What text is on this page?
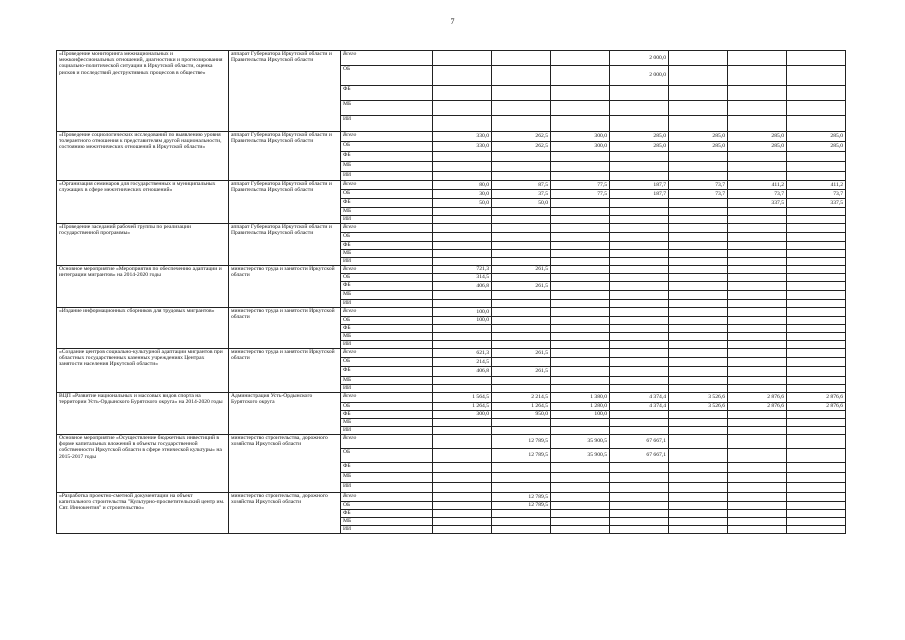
7
«Проведение мониторинга межнациональных и межконфессиональных отношений, диагностики и прогнозирования социально-политической ситуации в Иркутской области, оценка рисков и последствий деструктивных процессов в обществе»	аппарат Губернатора Иркутской области и Правительства Иркутской области	Всего				2 000,0			
		ОБ				2 000,0			
		ФБ							
		МБ							
		ИИ							
«Проведение социологических исследований по выявлению уровня толерантного отношения к представителям другой национальности, состоянию межэтнических отношений в Иркутской области»	аппарат Губернатора Иркутской области и Правительства Иркутской области	Всего	330,0	262,5	300,0	285,0	285,0	285,0	285,0
		ОБ	330,0	262,5	300,0	285,0	285,0	285,0	285,0
		ФБ							
		МБ							
		ИИ							
«Организация семинаров для государственных и муниципальных служащих в сфере межэтнических отношений»	аппарат Губернатора Иркутской области и Правительства Иркутской области	Всего	80,0	87,5	77,5	187,7	73,7	411,2	411,2
		ОБ	30,0	37,5	77,5	187,7	73,7	73,7	73,7
		ФБ	50,0	50,0				337,5	337,5
		МБ							
		ИИ							
«Проведение заседаний рабочей группы по реализации государственной программы»	аппарат Губернатора Иркутской области и Правительства Иркутской области	Всего							
		ОБ							
		ФБ							
		МБ							
		ИИ							
Основное мероприятие «Мероприятия по обеспечению адаптации и интеграции мигрантов» на 2014-2020 годы	министерство труда и занятости Иркутской области	Всего	721,3	261,5					
		ОБ	314,5						
		ФБ	406,8	261,5					
		МБ							
		ИИ							
«Издание информационных сборников для трудовых мигрантов»	министерство труда и занятости Иркутской области	Всего	100,0						
		ОБ	100,0						
		ФБ							
		МБ							
		ИИ							
«Создание центров социально-культурной адаптации мигрантов при областных государственных казенных учреждениях Центрах занятости населения Иркутской области»	министерство труда и занятости Иркутской области	Всего	621,3	261,5					
		ОБ	214,5						
		ФБ	406,8	261,5					
		МБ							
		ИИ							
ВЦП «Развитие национальных и массовых видов спорта на территории Усть-Ордынского Бурятского округа» на 2014-2020 годы	Администрация Усть-Ордынского Бурятского округа	Всего	1 564,5	2 214,5	1 380,0	4 374,4	3 526,6	2 876,6	2 876,6
		ОБ	1 264,5	1 264,5	1 280,0	4 374,4	3 526,6	2 876,6	2 876,6
		ФБ	300,0	950,0	100,0				
		МБ							
		ИИ							
Основное мероприятие «Осуществление бюджетных инвестиций в форме капитальных вложений в объекты государственной собственности Иркутской области в сфере этнической культуры» на 2015-2017 годы	министерство строительства, дорожного хозяйства Иркутской области	Всего		12 789,5	35 900,5	67 667,1			
		ОБ		12 789,5	35 900,5	67 667,1			
		ФБ							
		МБ							
		ИИ							
«Разработка проектно-сметной документации на объект капитального строительства "Культурно-просветительский центр им. Свт. Иннокентия" и строительство»	министерство строительства, дорожного хозяйства Иркутской области	Всего		12 789,5					
		ОБ		12 789,5					
		ФБ							
		МБ							
		ИИ							
